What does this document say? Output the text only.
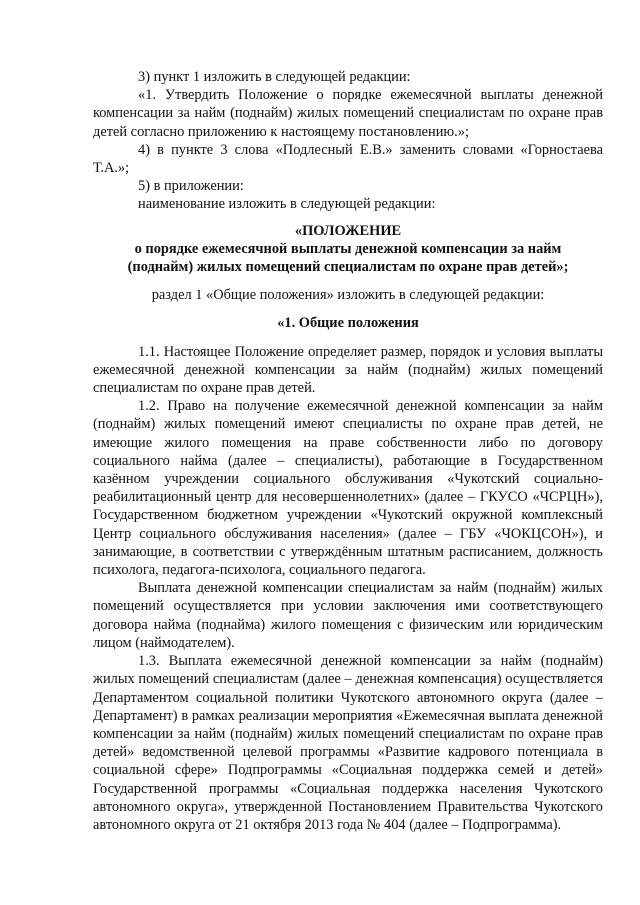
3) пункт 1 изложить в следующей редакции:

«1. Утвердить Положение о порядке ежемесячной выплаты денежной компенсации за найм (поднайм) жилых помещений специалистам по охране прав детей согласно приложению к настоящему постановлению.»;

4) в пункте 3 слова «Подлесный Е.В.» заменить словами «Горностаева Т.А.»;

5) в приложении:

наименование изложить в следующей редакции:

«ПОЛОЖЕНИЕ

о порядке ежемесячной выплаты денежной компенсации за найм

(поднайм) жилых помещений специалистам по охране прав детей»;

раздел 1 «Общие положения» изложить в следующей редакции:

«1. Общие положения

1.1. Настоящее Положение определяет размер, порядок и условия выплаты ежемесячной денежной компенсации за найм (поднайм) жилых помещений специалистам по охране прав детей.

1.2. Право на получение ежемесячной денежной компенсации за найм (поднайм) жилых помещений имеют специалисты по охране прав детей, не имеющие жилого помещения на праве собственности либо по договору социального найма (далее – специалисты), работающие в Государственном казённом учреждении социального обслуживания «Чукотский социально-реабилитационный центр для несовершеннолетних» (далее – ГКУСО «ЧСРЦН»), Государственном бюджетном учреждении «Чукотский окружной комплексный Центр социального обслуживания населения» (далее – ГБУ «ЧОКЦСОН»), и занимающие, в соответствии с утверждённым штатным расписанием, должность психолога, педагога-психолога, социального педагога.

Выплата денежной компенсации специалистам за найм (поднайм) жилых помещений осуществляется при условии заключения ими соответствующего договора найма (поднайма) жилого помещения с физическим или юридическим лицом (наймодателем).

1.3. Выплата ежемесячной денежной компенсации за найм (поднайм) жилых помещений специалистам (далее – денежная компенсация) осуществляется Департаментом социальной политики Чукотского автономного округа (далее – Департамент) в рамках реализации мероприятия «Ежемесячная выплата денежной компенсации за найм (поднайм) жилых помещений специалистам по охране прав детей» ведомственной целевой программы «Развитие кадрового потенциала в социальной сфере» Подпрограммы «Социальная поддержка семей и детей» Государственной программы «Социальная поддержка населения Чукотского автономного округа», утвержденной Постановлением Правительства Чукотского автономного округа от 21 октября 2013 года № 404 (далее – Подпрограмма).
